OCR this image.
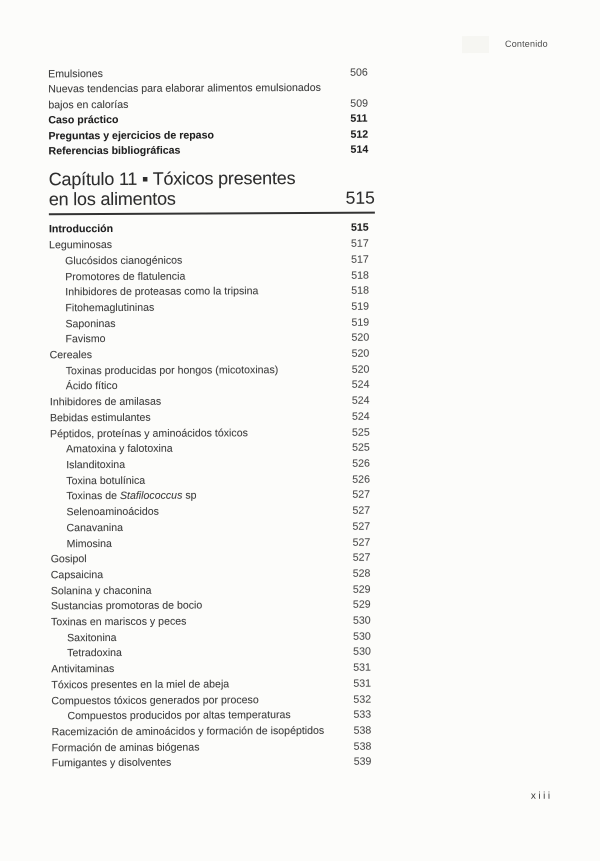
Contenido
Emulsiones	506
Nuevas tendencias para elaborar alimentos emulsionados
bajos en calorías	509
Caso práctico	511
Preguntas y ejercicios de repaso	512
Referencias bibliográficas	514
Capítulo 11 ▪ Tóxicos presentes
en los alimentos	515
Introducción	515
Leguminosas	517
Glucósidos cianogénicos	517
Promotores de flatulencia	518
Inhibidores de proteasas como la tripsina	518
Fitohemaglutininas	519
Saponinas	519
Favismo	520
Cereales	520
Toxinas producidas por hongos (micotoxinas)	520
Ácido fítico	524
Inhibidores de amilasas	524
Bebidas estimulantes	524
Péptidos, proteínas y aminoácidos tóxicos	525
Amatoxina y falotoxina	525
Islanditoxina	526
Toxina botulínica	526
Toxinas de Stafilococcus sp	527
Selenoaminoácidos	527
Canavanina	527
Mimosina	527
Gosipol	527
Capsaicina	528
Solanina y chaconina	529
Sustancias promotoras de bocio	529
Toxinas en mariscos y peces	530
Saxitonina	530
Tetradoxina	530
Antivitaminas	531
Tóxicos presentes en la miel de abeja	531
Compuestos tóxicos generados por proceso	532
Compuestos producidos por altas temperaturas	533
Racemización de aminoácidos y formación de isopéptidos	538
Formación de aminas biógenas	538
Fumigantes y disolventes	539
xiii
